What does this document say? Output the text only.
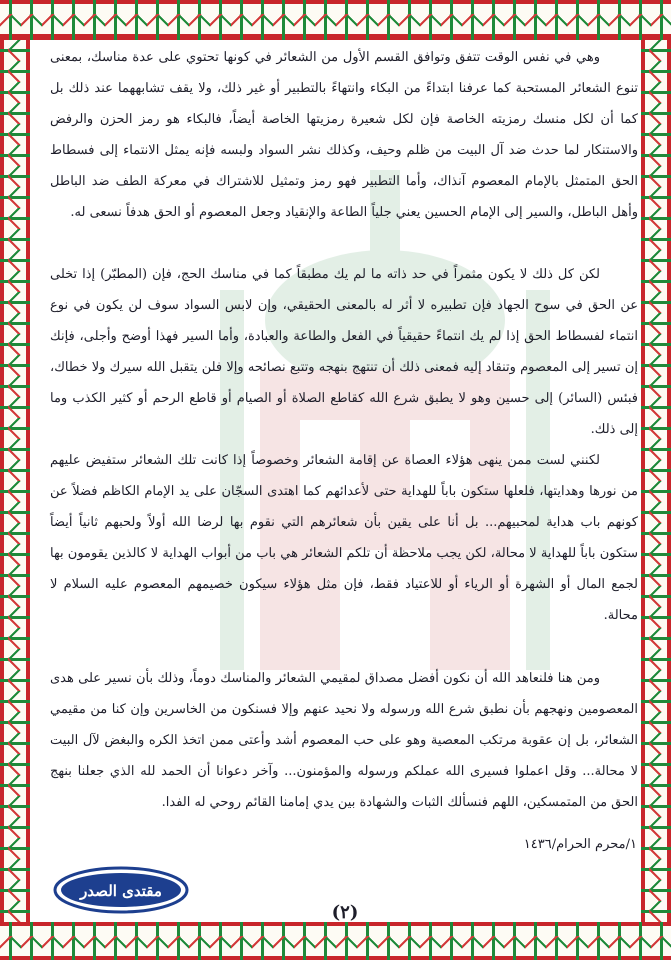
وهي في نفس الوقت تتفق وتوافق القسم الأول من الشعائر في كونها تحتوي على عدة مناسك، بمعنى تنوع الشعائر المستحبة كما عرفنا ابتداءً من البكاء وانتهاءً بالتطبير أو غير ذلك، ولا يقف تشابههما عند ذلك بل كما أن لكل منسك رمزيته الخاصة فإن لكل شعيرة رمزيتها الخاصة أيضاً، فالبكاء هو رمز الحزن والرفض والاستنكار لما حدث ضد آل البيت من ظلم وحيف، وكذلك نشر السواد ولبسه فإنه يمثل الانتماء إلى فسطاط الحق المتمثل بالإمام المعصوم آنذاك، وأما التطبير فهو رمز وتمثيل للاشتراك في معركة الطف ضد الباطل وأهل الباطل، والسير إلى الإمام الحسين يعني جلياً الطاعة والإنقياد وجعل المعصوم أو الحق هدفاً نسعى له.

لكن كل ذلك لا يكون مثمراً في حد ذاته ما لم يك مطبقاً كما في مناسك الحج، فإن (المطبّر) إذا تخلى عن الحق في سوح الجهاد فإن تطبيره لا أثر له بالمعنى الحقيقي، وإن لابس السواد سوف لن يكون في نوع انتماء لفسطاط الحق إذا لم يك انتماءً حقيقياً في الفعل والطاعة والعبادة، وأما السير فهذا أوضح وأجلى، فإنك إن تسير إلى المعصوم وتنقاد إليه فمعنى ذلك أن تنتهج بنهجه وتتبع نصائحه وإلا فلن يتقبل الله سيرك ولا خطاك، فبئس (السائر) إلى حسين وهو لا يطبق شرع الله كقاطع الصلاة أو الصيام أو قاطع الرحم أو كثير الكذب وما إلى ذلك.

لكنني لست ممن ينهى هؤلاء العصاة عن إقامة الشعائر وخصوصاً إذا كانت تلك الشعائر ستفيض عليهم من نورها وهدايتها، فلعلها ستكون باباً للهداية حتى لأعدائهم كما اهتدى السجّان على يد الإمام الكاظم فضلاً عن كونهم باب هداية لمحبيهم... بل أنا على يقين بأن شعائرهم التي نقوم بها لرضا الله أولاً ولحبهم ثانياً أيضاً ستكون باباً للهداية لا محالة، لكن يجب ملاحظة أن تلكم الشعائر هي باب من أبواب الهداية لا كالذين يقومون بها لجمع المال أو الشهرة أو الرياء أو للاعتياد فقط، فإن مثل هؤلاء سيكون خصيمهم المعصوم عليه السلام لا محالة.

ومن هنا فلنعاهد الله أن نكون أفضل مصداق لمقيمي الشعائر والمناسك دوماً، وذلك بأن نسير على هدى المعصومين ونهجهم بأن نطبق شرع الله ورسوله ولا نحيد عنهم وإلا فسنكون من الخاسرين وإن كنا من مقيمي الشعائر، بل إن عقوبة مرتكب المعصية وهو على حب المعصوم أشد وأعتى ممن اتخذ الكره والبغض لآل البيت لا محالة... وقل اعملوا فسيرى الله عملكم ورسوله والمؤمنون... وآخر دعوانا أن الحمد لله الذي جعلنا بنهج الحق من المتمسكين، اللهم فنسألك الثبات والشهادة بين يدي إمامنا القائم روحي له الفدا.

١/محرم الحرام/١٤٣٦
مقتدى الصدر
(٢)
